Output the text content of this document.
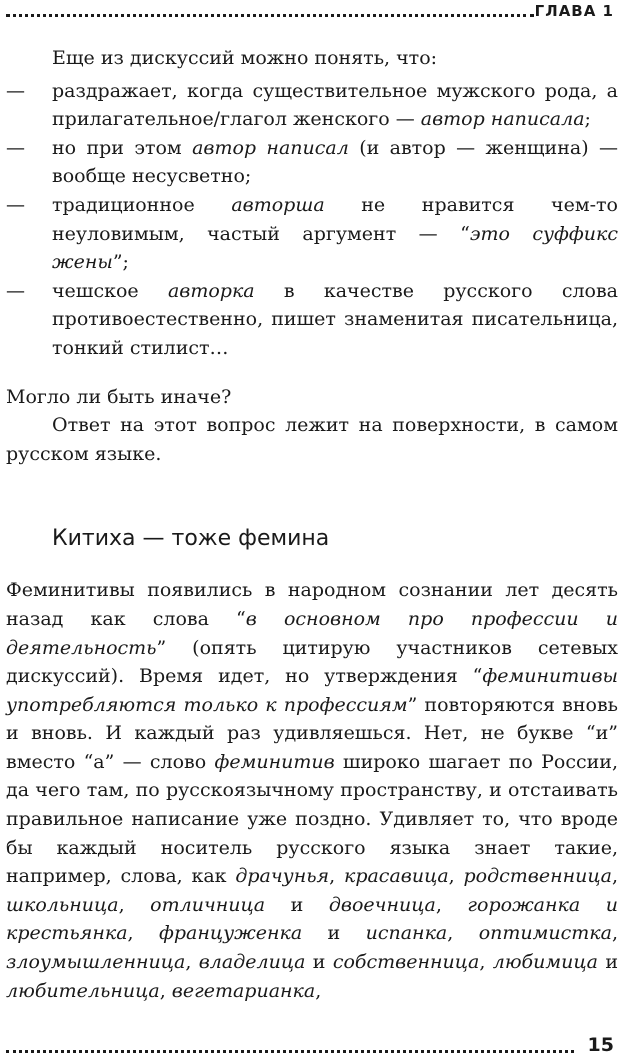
ГЛАВА 1

Еще из дискуссий можно понять, что:

— раздражает, когда существительное мужского рода, а прилагательное/глагол женского — автор написала;
— но при этом автор написал (и автор — женщина) — вообще несусветно;
— традиционное авторша не нравится чем-то неуловимым, частый аргумент — “это суффикс жены”;
— чешское авторка в качестве русского слова противоестественно, пишет знаменитая писательница, тонкий стилист…

Могло ли быть иначе?

Ответ на этот вопрос лежит на поверхности, в самом русском языке.

Китиха — тоже фемина

Феминитивы появились в народном сознании лет десять назад как слова “в основном про профессии и деятельность” (опять цитирую участников сетевых дискуссий). Время идет, но утверждения “феминитивы употребляются только к профессиям” повторяются вновь и вновь. И каждый раз удивляешься. Нет, не букве “и” вместо “а” — слово феминитив широко шагает по России, да чего там, по русскоязычному пространству, и отстаивать правильное написание уже поздно. Удивляет то, что вроде бы каждый носитель русского языка знает такие, например, слова, как драчунья, красавица, родственница, школьница, отличница и двоечница, горожанка и крестьянка, француженка и испанка, оптимистка, злоумышленница, владелица и собственница, любимица и любительница, вегетарианка,

15
